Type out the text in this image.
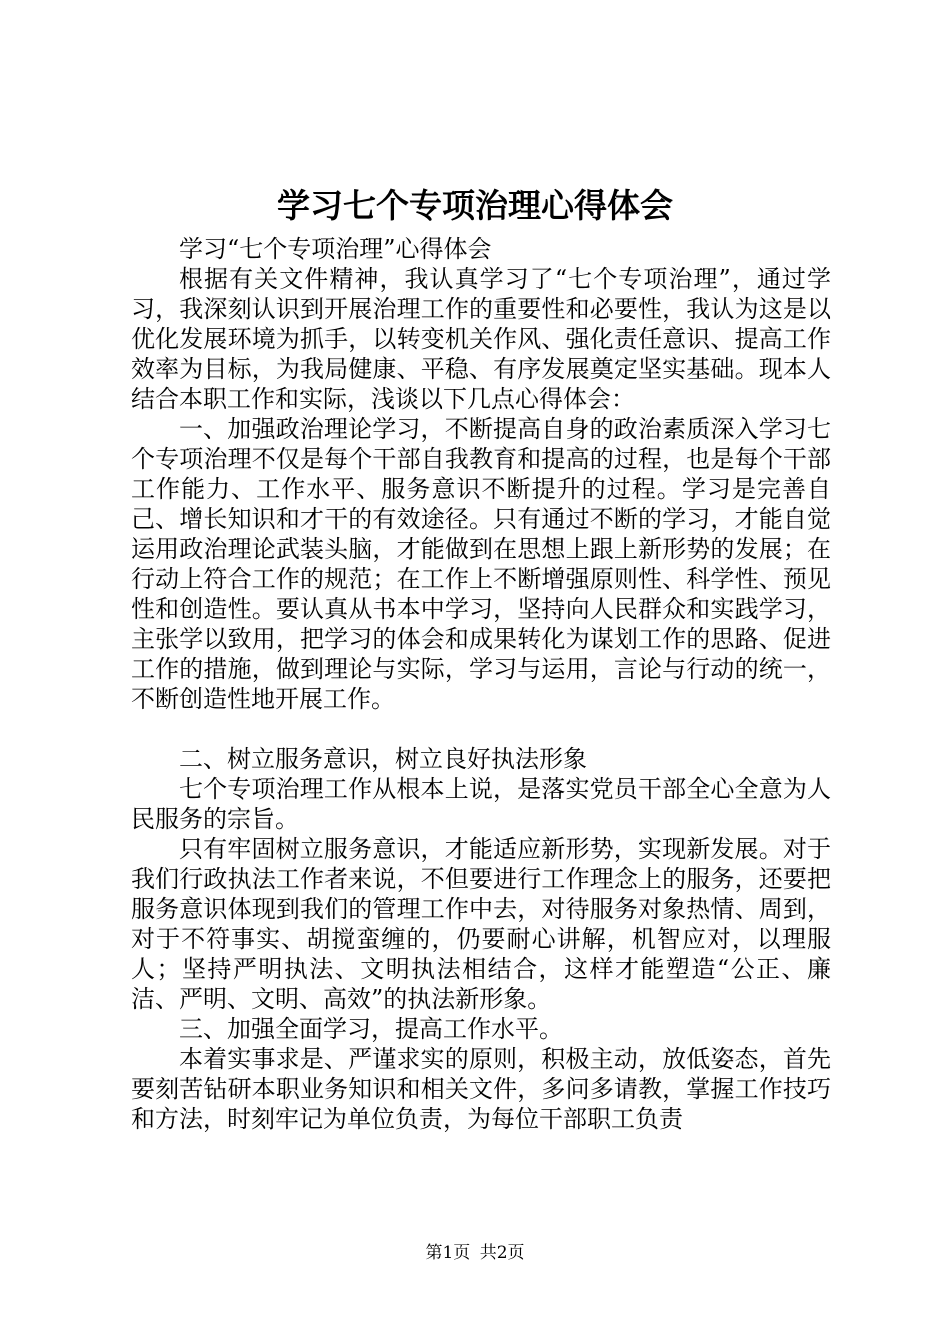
学习七个专项治理心得体会

学习“七个专项治理”心得体会

根据有关文件精神，我认真学习了“七个专项治理”，通过学习，我深刻认识到开展治理工作的重要性和必要性，我认为这是以优化发展环境为抓手，以转变机关作风、强化责任意识、提高工作效率为目标，为我局健康、平稳、有序发展奠定坚实基础。现本人结合本职工作和实际，浅谈以下几点心得体会：

一、加强政治理论学习，不断提高自身的政治素质深入学习七个专项治理不仅是每个干部自我教育和提高的过程，也是每个干部工作能力、工作水平、服务意识不断提升的过程。学习是完善自己、增长知识和才干的有效途径。只有通过不断的学习，才能自觉运用政治理论武装头脑，才能做到在思想上跟上新形势的发展；在行动上符合工作的规范；在工作上不断增强原则性、科学性、预见性和创造性。要认真从书本中学习，坚持向人民群众和实践学习，主张学以致用，把学习的体会和成果转化为谋划工作的思路、促进工作的措施，做到理论与实际，学习与运用，言论与行动的统一，不断创造性地开展工作。

二、树立服务意识，树立良好执法形象

七个专项治理工作从根本上说，是落实党员干部全心全意为人民服务的宗旨。

只有牢固树立服务意识，才能适应新形势，实现新发展。对于我们行政执法工作者来说，不但要进行工作理念上的服务，还要把服务意识体现到我们的管理工作中去，对待服务对象热情、周到，对于不符事实、胡搅蛮缠的，仍要耐心讲解，机智应对，以理服人；坚持严明执法、文明执法相结合，这样才能塑造“公正、廉洁、严明、文明、高效”的执法新形象。

三、加强全面学习，提高工作水平。

本着实事求是、严谨求实的原则，积极主动，放低姿态，首先要刻苦钻研本职业务知识和相关文件，多问多请教，掌握工作技巧和方法，时刻牢记为单位负责，为每位干部职工负责

第1页 共2页
